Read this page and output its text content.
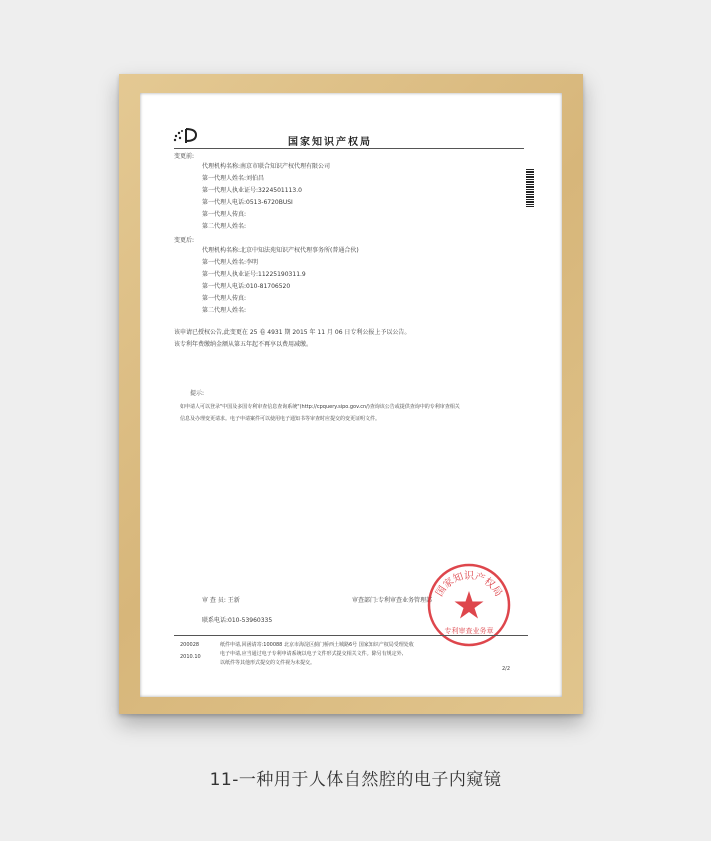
国家知识产权局
变更前:
代理机构名称:南京市联合知识产权代理有限公司
第一代理人姓名:刘伯昌
第一代理人执业证号:3224501113.0
第一代理人电话:0513-6720BUSI
第一代理人传真:
第二代理人姓名:
变更后:
代理机构名称:北京中知法苑知识产权代理事务所(普通合伙)
第一代理人姓名:李明
第一代理人执业证号:11225190311.9
第一代理人电话:010-81706520
第一代理人传真:
第二代理人姓名:
该申请已授权公告,此变更在 25 卷 4931 期 2015 年 11 月 06 日专利公报上予以公告。
该专利年费缴纳金额从第五年起不再享以费用减缴。
提示:
如申请人可以登录"中国及多国专利审查信息查询系统"(http://cpquery.sipo.gov.cn/)查询该公告或提供查询中的专利审查相关
信息及办理变更请求。电子申请案件可以使用电子通知书等审查时应提交的变更证明文件。
审 查 员: 王新	审查部门:专利审查业务管理部
联系电话:010-53960335
国家知识产权局
专利审查业务章
200028
2010.10
纸件申请,回函请寄:100088 北京市海淀区蓟门桥西土城路6号 国家知识产权局受理处收
电子申请,应当通过电子专利申请系统以电子文件形式提交相关文件。除另有规定外,
以纸件等其他形式提交的文件视为未提交。
2/2
11-一种用于人体自然腔的电子内窥镜
